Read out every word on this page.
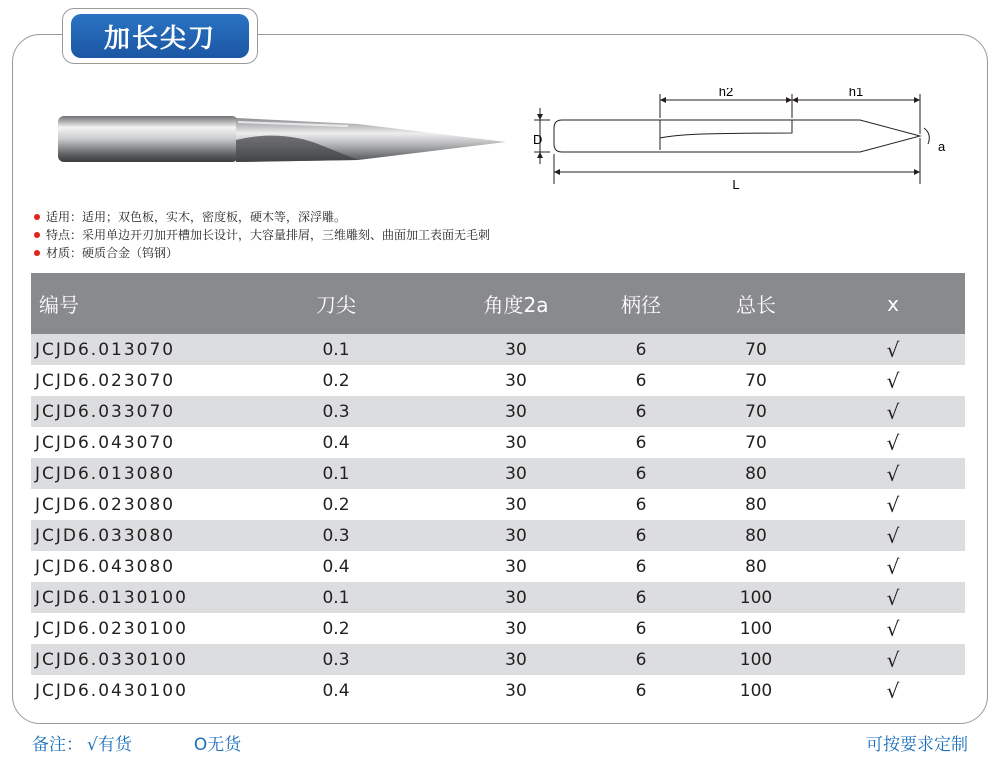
加长尖刀
h2	h1
D
L
a
适用：适用；双色板，实木，密度板，硬木等，深浮雕。
特点：采用单边开刃加开槽加长设计，大容量排屑，三维雕刻、曲面加工表面无毛刺
材质：硬质合金（钨钢）
编号	刀尖	角度2a	柄径	总长	x
JCJD6.013070	0.1	30	6	70	√
JCJD6.023070	0.2	30	6	70	√
JCJD6.033070	0.3	30	6	70	√
JCJD6.043070	0.4	30	6	70	√
JCJD6.013080	0.1	30	6	80	√
JCJD6.023080	0.2	30	6	80	√
JCJD6.033080	0.3	30	6	80	√
JCJD6.043080	0.4	30	6	80	√
JCJD6.0130100	0.1	30	6	100	√
JCJD6.0230100	0.2	30	6	100	√
JCJD6.0330100	0.3	30	6	100	√
JCJD6.0430100	0.4	30	6	100	√
备注： √有货	O无货	可按要求定制
